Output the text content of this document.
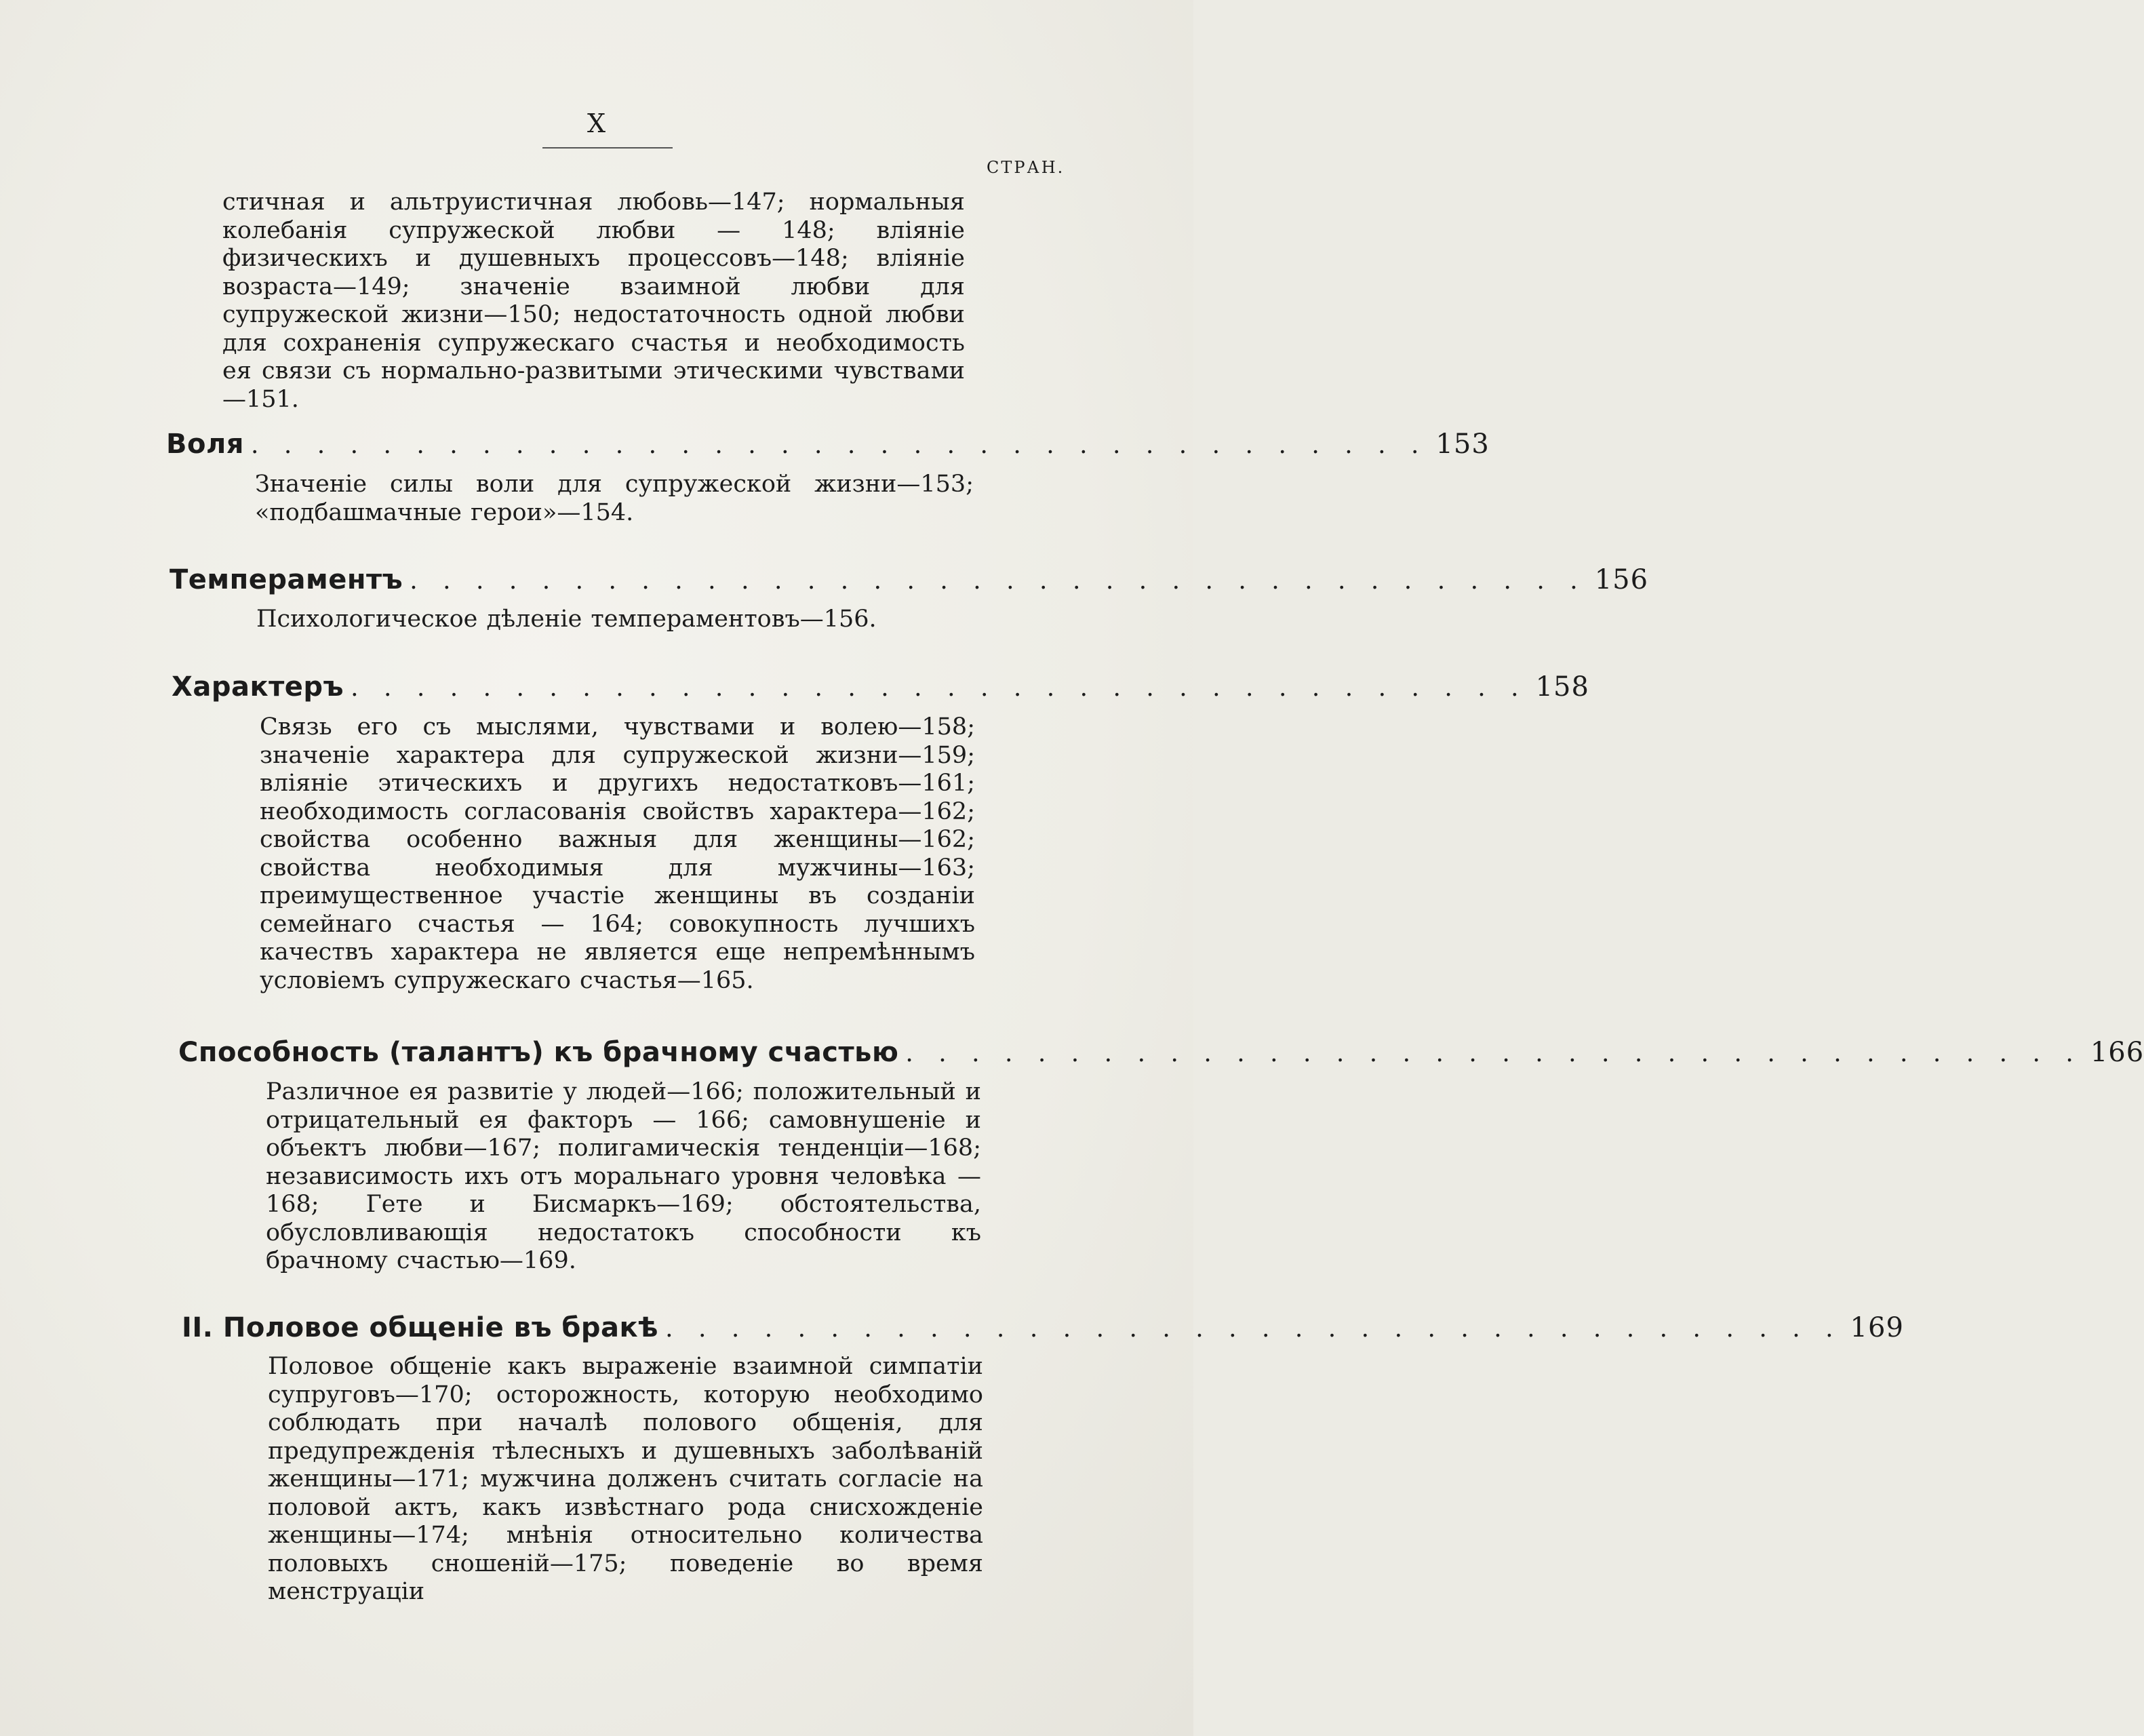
X
СТРАН.
стичная и альтруистичная любовь—147; нормальныя колебанія супружеской любви — 148; вліяніе физическихъ и душевныхъ процессовъ—148; вліяніе возраста—149; значеніе взаимной любви для супружеской жизни—150; недостаточность одной любви для сохраненія супружескаго счастья и необходимость ея связи съ нормально-развитыми этическими чувствами—151.
Воля . . . . . . . . . . . . . . . . . . . . . . . . . . . . . . . . . . . . 153
Значеніе силы воли для супружеской жизни—153; «подбашмачные герои»—154.
Темпераментъ . . . . . . . . . . . . . . . . . . . . . . . . . . . . . . . . . . . . 156
Психологическое дѣленіе темпераментовъ—156.
Характеръ . . . . . . . . . . . . . . . . . . . . . . . . . . . . . . . . . . . . 158
Связь его съ мыслями, чувствами и волею—158; значеніе характера для супружеской жизни—159; вліяніе этическихъ и другихъ недостатковъ—161; необходимость согласованія свойствъ характера—162; свойства особенно важныя для женщины—162; свойства необходимыя для мужчины—163; преимущественное участіе женщины въ созданіи семейнаго счастья — 164; совокупность лучшихъ качествъ характера не является еще непремѣннымъ условіемъ супружескаго счастья—165.
Способность (талантъ) къ брачному счастью . . . . . . . . . . . . . . . . . . . . . . . . . . . . . . . . . . . . 166
Различное ея развитіе у людей—166; положительный и отрицательный ея факторъ — 166; самовнушеніе и объектъ любви—167; полигамическія тенденціи—168; независимость ихъ отъ моральнаго уровня человѣка —168; Гете и Бисмаркъ—169; обстоятельства, обусловливающія недостатокъ способности къ брачному счастью—169.
II. Половое общеніе въ бракѣ . . . . . . . . . . . . . . . . . . . . . . . . . . . . . . . . . . . . 169
Половое общеніе какъ выраженіе взаимной симпатіи супруговъ—170; осторожность, которую необходимо соблюдать при началѣ полового общенія, для предупрежденія тѣлесныхъ и душевныхъ заболѣваній женщины—171; мужчина долженъ считать согласіе на половой актъ, какъ извѣстнаго рода снисхожденіе женщины—174; мнѣнія относительно количества половыхъ сношеній—175; поведеніе во время менструаціи
